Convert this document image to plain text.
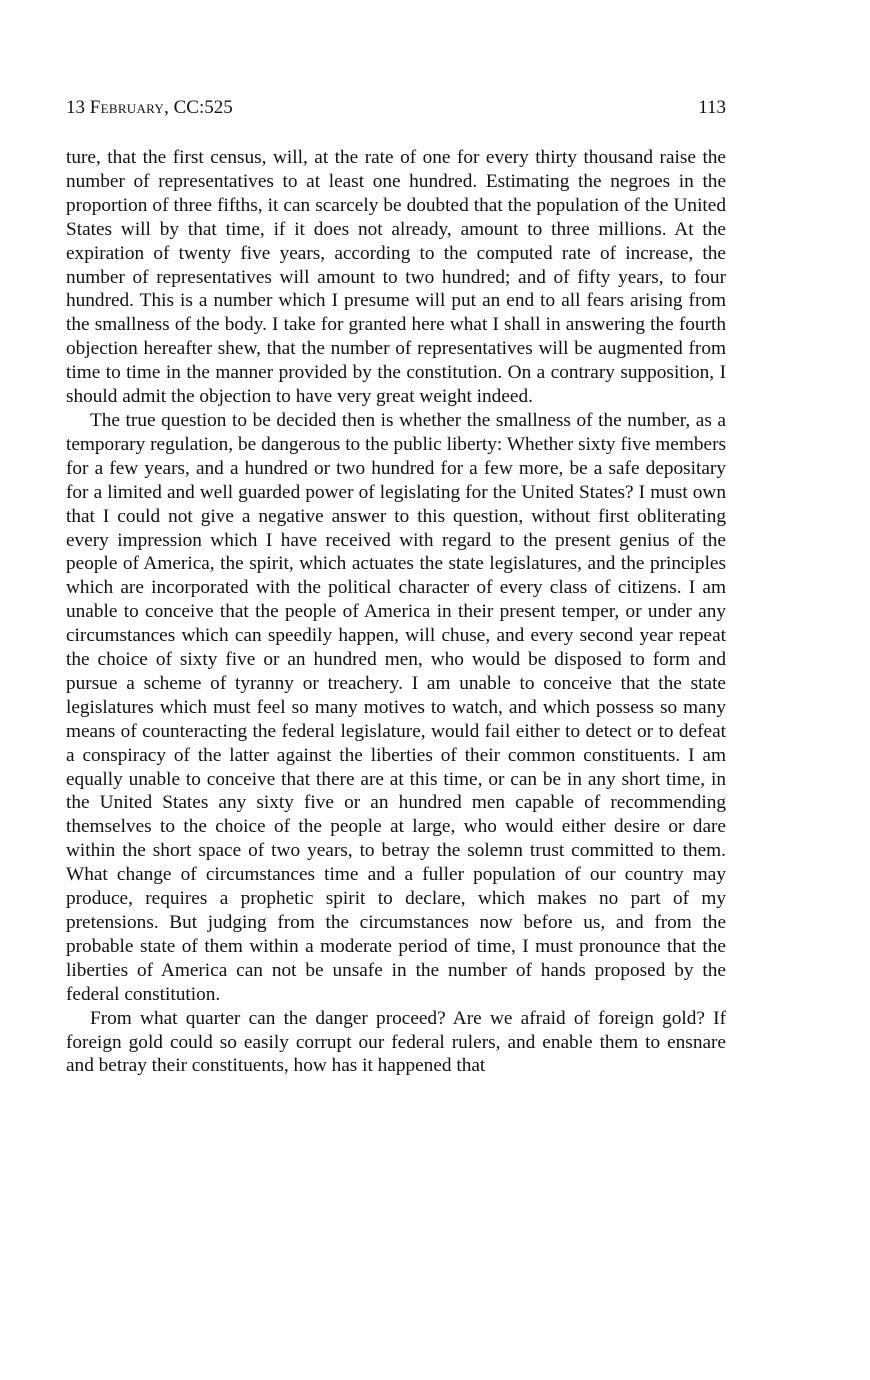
13 February, CC:525	113

ture, that the first census, will, at the rate of one for every thirty thousand raise the number of representatives to at least one hundred. Estimating the negroes in the proportion of three fifths, it can scarcely be doubted that the population of the United States will by that time, if it does not already, amount to three millions. At the expiration of twenty five years, according to the computed rate of increase, the number of representatives will amount to two hundred; and of fifty years, to four hundred. This is a number which I presume will put an end to all fears arising from the smallness of the body. I take for granted here what I shall in answering the fourth objection hereafter shew, that the number of representatives will be augmented from time to time in the manner provided by the constitution. On a contrary supposition, I should admit the objection to have very great weight indeed.

The true question to be decided then is whether the smallness of the number, as a temporary regulation, be dangerous to the public liberty: Whether sixty five members for a few years, and a hundred or two hundred for a few more, be a safe depositary for a limited and well guarded power of legislating for the United States? I must own that I could not give a negative answer to this question, without first obliterating every impression which I have received with regard to the present genius of the people of America, the spirit, which actuates the state legislatures, and the principles which are incorporated with the political character of every class of citizens. I am unable to conceive that the people of America in their present temper, or under any circumstances which can speedily happen, will chuse, and every second year repeat the choice of sixty five or an hundred men, who would be disposed to form and pursue a scheme of tyranny or treachery. I am unable to conceive that the state legislatures which must feel so many motives to watch, and which possess so many means of counteracting the federal legislature, would fail either to detect or to defeat a conspiracy of the latter against the liberties of their common constituents. I am equally unable to conceive that there are at this time, or can be in any short time, in the United States any sixty five or an hundred men capable of recommending themselves to the choice of the people at large, who would either desire or dare within the short space of two years, to betray the solemn trust committed to them. What change of circumstances time and a fuller population of our country may produce, requires a prophetic spirit to declare, which makes no part of my pretensions. But judging from the circumstances now before us, and from the probable state of them within a moderate period of time, I must pronounce that the liberties of America can not be unsafe in the number of hands proposed by the federal constitution.

From what quarter can the danger proceed? Are we afraid of foreign gold? If foreign gold could so easily corrupt our federal rulers, and enable them to ensnare and betray their constituents, how has it happened that
